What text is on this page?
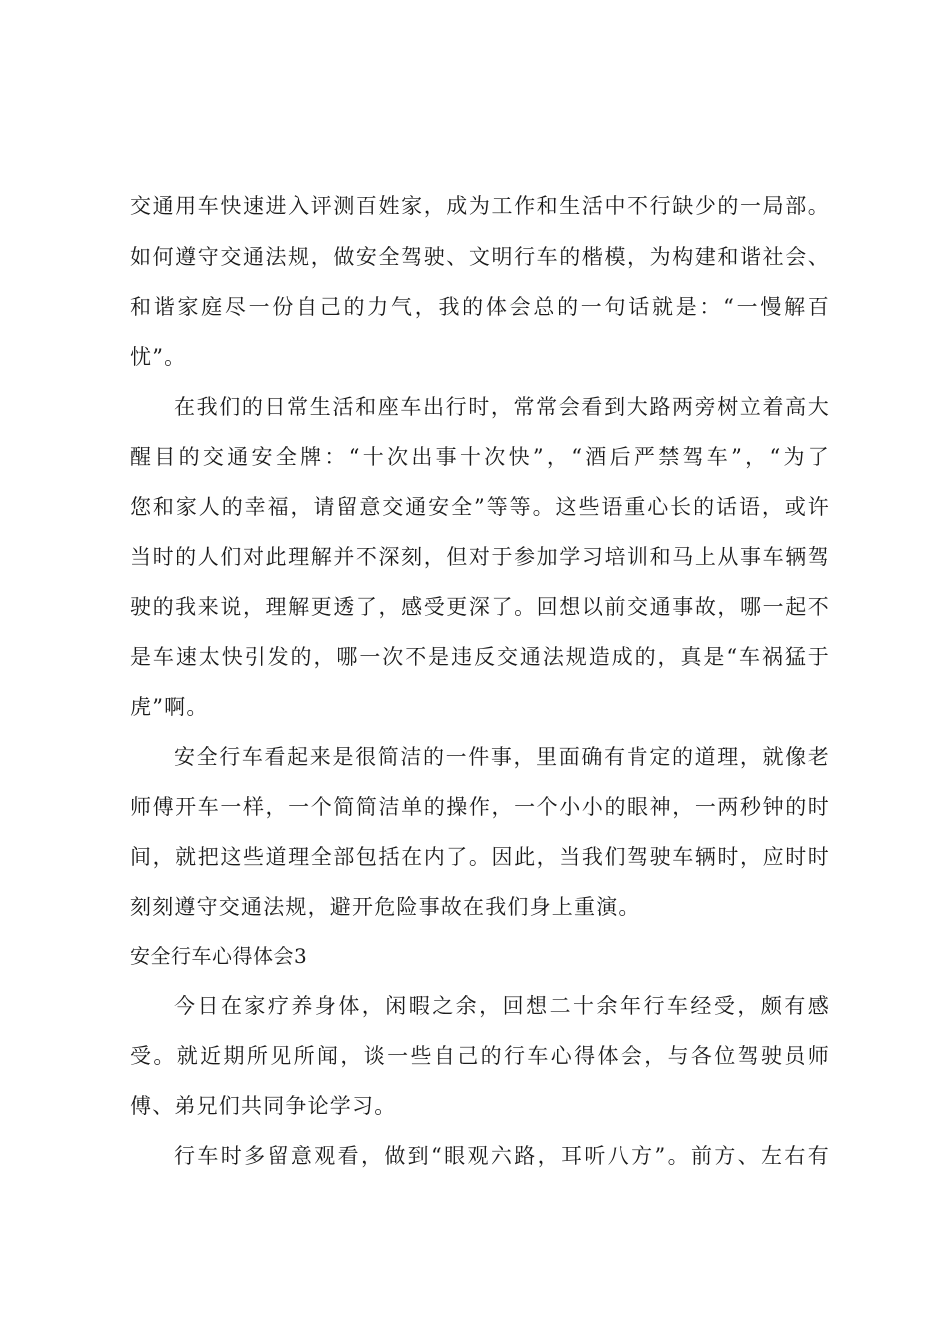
交通用车快速进入评测百姓家，成为工作和生活中不行缺少的一局部。
如何遵守交通法规，做安全驾驶、文明行车的楷模，为构建和谐社会、
和谐家庭尽一份自己的力气，我的体会总的一句话就是：“一慢解百
忧”。
在我们的日常生活和座车出行时，常常会看到大路两旁树立着高大
醒目的交通安全牌：“十次出事十次快”，“酒后严禁驾车”，“为了
您和家人的幸福，请留意交通安全”等等。这些语重心长的话语，或许
当时的人们对此理解并不深刻，但对于参加学习培训和马上从事车辆驾
驶的我来说，理解更透了，感受更深了。回想以前交通事故，哪一起不
是车速太快引发的，哪一次不是违反交通法规造成的，真是“车祸猛于
虎”啊。
安全行车看起来是很简洁的一件事，里面确有肯定的道理，就像老
师傅开车一样，一个简简洁单的操作，一个小小的眼神，一两秒钟的时
间，就把这些道理全部包括在内了。因此，当我们驾驶车辆时，应时时
刻刻遵守交通法规，避开危险事故在我们身上重演。
安全行车心得体会3
今日在家疗养身体，闲暇之余，回想二十余年行车经受，颇有感
受。就近期所见所闻，谈一些自己的行车心得体会，与各位驾驶员师
傅、弟兄们共同争论学习。
行车时多留意观看，做到“眼观六路，耳听八方”。前方、左右有
